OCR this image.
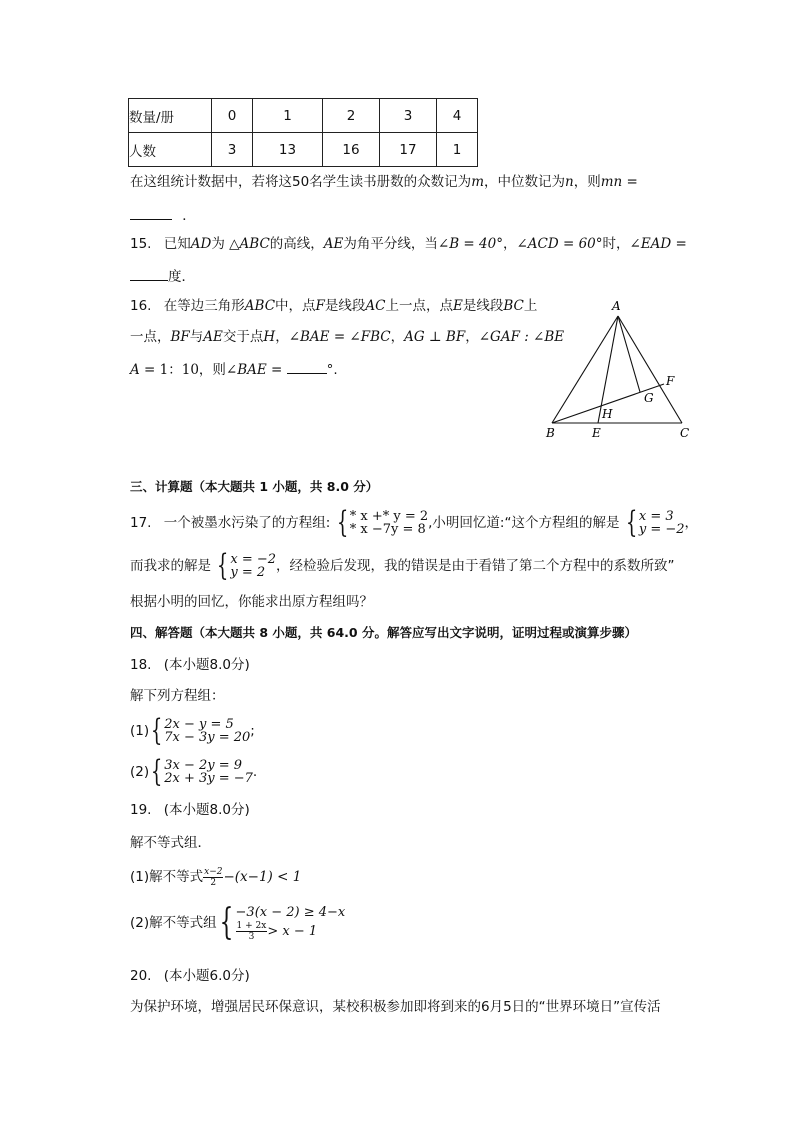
数量/册	0	1	2	3	4
人数	3	13	16	17	1
在这组统计数据中，若将这50名学生读书册数的众数记为m，中位数记为n，则mn =
．
15. 已知AD为 △ABC的高线，AE为角平分线，当∠B = 40°，∠ACD = 60°时，∠EAD =
度．
16. 在等边三角形ABC中，点F是线段AC上一点，点E是线段BC上
一点，BF与AE交于点H，∠BAE = ∠FBC，AG ⊥ BF，∠GAF : ∠BE
A = 1：10，则∠BAE =	°.
A
B	C
E
F
G
H
三、计算题（本大题共 1 小题，共 8.0 分）
17. 一个被墨水污染了的方程组: { * x +* y = 2
* x −7y = 8 ,小明回忆道:“这个方程组的解是 { x = 3
y = −2 ，
而我求的解是 { x = −2
y = 2 ，经检验后发现，我的错误是由于看错了第二个方程中的系数所致”
根据小明的回忆，你能求出原方程组吗？
四、解答题（本大题共 8 小题，共 64.0 分。解答应写出文字说明，证明过程或演算步骤）
18. (本小题8.0分)
解下列方程组：
(1) { 2x − y = 5
7x − 3y = 20 ;
(2) { 3x − 2y = 9
2x + 3y = −7 .
19. (本小题8.0分)
解不等式组．
(1)解不等式 $\frac{x-2}{2} -(x-1) < 1$
(2)解不等式组 { −3(x − 2) ≥ 4−x
$\frac{1 + 2x}{3} > x - 1$
20. (本小题6.0分)
为保护环境，增强居民环保意识，某校积极参加即将到来的6月5日的“世界环境日”宣传活
